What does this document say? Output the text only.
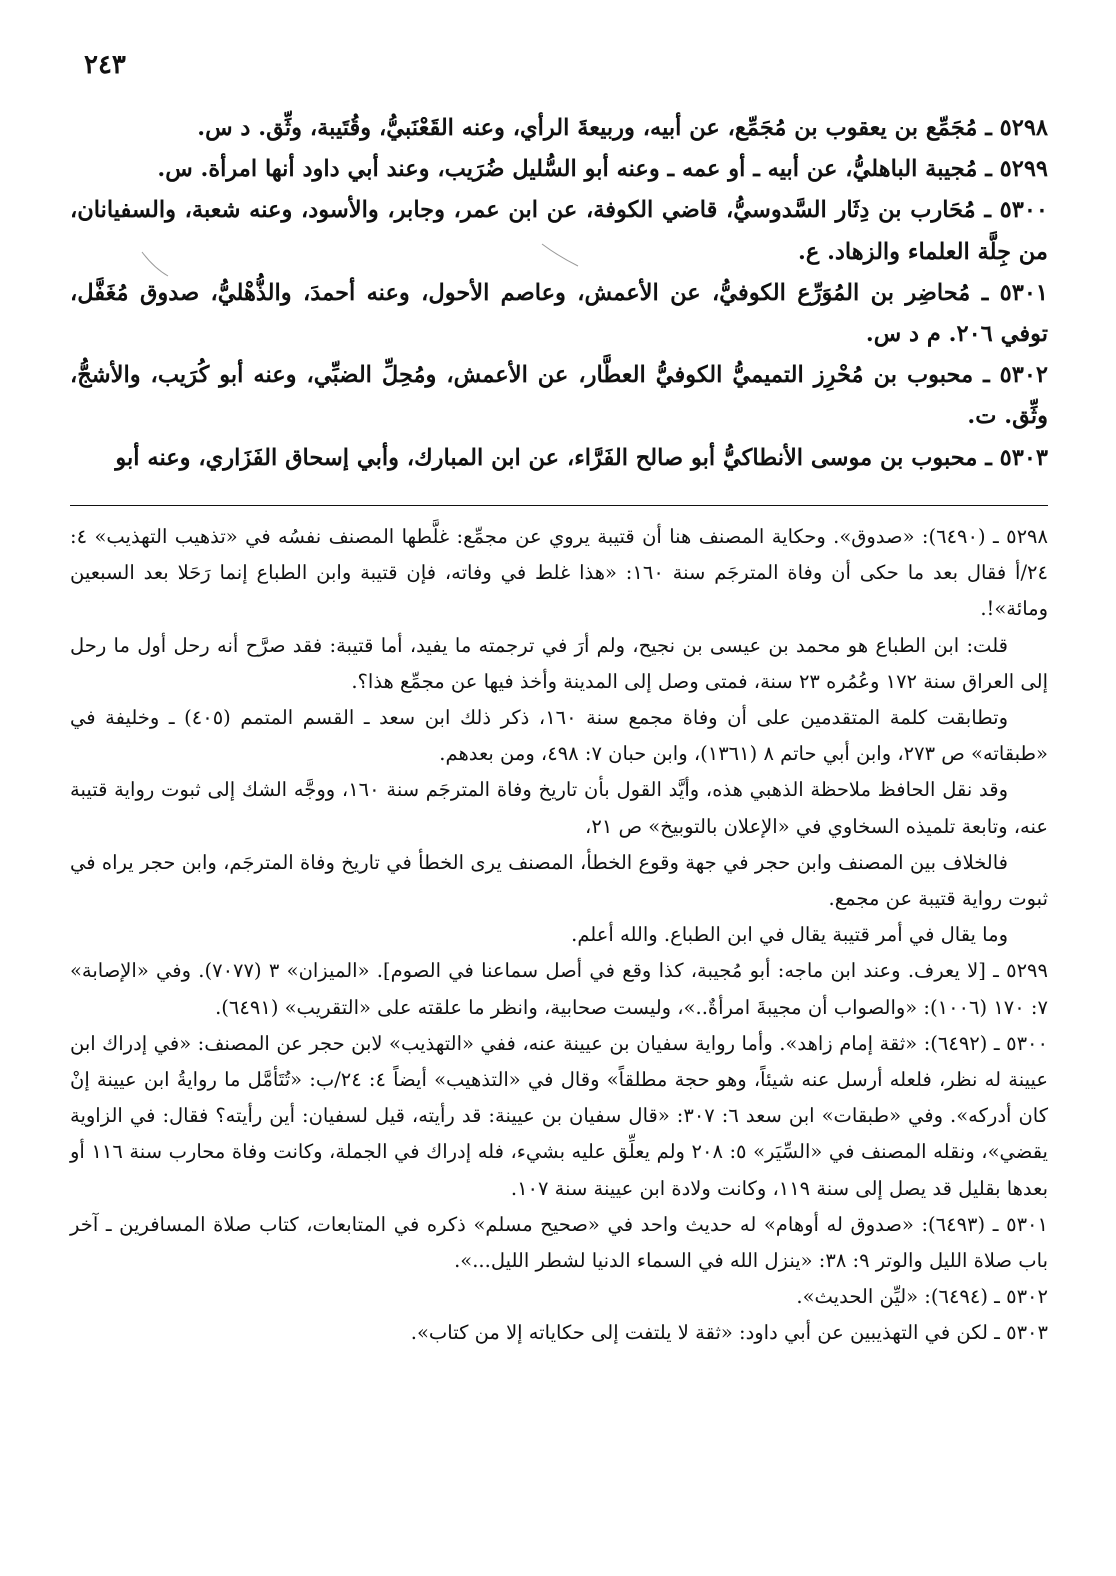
٢٤٣

٥٢٩٨ ـ مُجَمِّع بن يعقوب بن مُجَمِّع، عن أبيه، وربيعةَ الرأي، وعنه القَعْنَبيُّ، وقُتَيبة، وثِّق. د س.

٥٢٩٩ ـ مُجيبة الباهليُّ، عن أبيه ـ أو عمه ـ وعنه أبو السُّليل ضُرَيب، وعند أبي داود أنها امرأة. س.

٥٣٠٠ ـ مُحَارب بن دِثَار السَّدوسيُّ، قاضي الكوفة، عن ابن عمر، وجابر، والأسود، وعنه شعبة، والسفيانان، من جِلَّة العلماء والزهاد. ع.

٥٣٠١ ـ مُحاضِر بن المُوَرِّع الكوفيُّ، عن الأعمش، وعاصم الأحول، وعنه أحمدَ، والذُّهْليُّ، صدوق مُغَفَّل، توفي ٢٠٦. م د س.

٥٣٠٢ ـ محبوب بن مُحْرِز التميميُّ الكوفيُّ العطَّار، عن الأعمش، ومُحِلِّ الضبِّي، وعنه أبو كُرَيب، والأشجُّ، وثِّق. ت.

٥٣٠٣ ـ محبوب بن موسى الأنطاكيُّ أبو صالح الفَرَّاء، عن ابن المبارك، وأبي إسحاق الفَزَاري، وعنه أبو

٥٢٩٨ ـ (٦٤٩٠): «صدوق». وحكاية المصنف هنا أن قتيبة يروي عن مجمِّع: غلَّطها المصنف نفسُه في «تذهيب التهذيب» ٤: ٢٤/أ فقال بعد ما حكى أن وفاة المترجَم سنة ١٦٠: «هذا غلط في وفاته، فإن قتيبة وابن الطباع إنما رَحَلا بعد السبعين ومائة»!.

قلت: ابن الطباع هو محمد بن عيسى بن نجيح، ولم أرَ في ترجمته ما يفيد، أما قتيبة: فقد صرَّح أنه رحل أول ما رحل إلى العراق سنة ١٧٢ وعُمُره ٢٣ سنة، فمتى وصل إلى المدينة وأخذ فيها عن مجمِّع هذا؟.

وتطابقت كلمة المتقدمين على أن وفاة مجمع سنة ١٦٠، ذكر ذلك ابن سعد ـ القسم المتمم (٤٠٥) ـ وخليفة في «طبقاته» ص ٢٧٣، وابن أبي حاتم ٨ (١٣٦١)، وابن حبان ٧: ٤٩٨، ومن بعدهم.

وقد نقل الحافظ ملاحظة الذهبي هذه، وأيَّد القول بأن تاريخ وفاة المترجَم سنة ١٦٠، ووجَّه الشك إلى ثبوت رواية قتيبة عنه، وتابعة تلميذه السخاوي في «الإعلان بالتوبيخ» ص ٢١،

فالخلاف بين المصنف وابن حجر في جهة وقوع الخطأ، المصنف يرى الخطأ في تاريخ وفاة المترجَم، وابن حجر يراه في ثبوت رواية قتيبة عن مجمع.

وما يقال في أمر قتيبة يقال في ابن الطباع. والله أعلم.

٥٢٩٩ ـ [لا يعرف. وعند ابن ماجه: أبو مُجيبة، كذا وقع في أصل سماعنا في الصوم]. «الميزان» ٣ (٧٠٧٧). وفي «الإصابة» ٧: ١٧٠ (١٠٠٦): «والصواب أن مجيبةَ امرأةٌ..»، وليست صحابية، وانظر ما علقته على «التقريب» (٦٤٩١).

٥٣٠٠ ـ (٦٤٩٢): «ثقة إمام زاهد». وأما رواية سفيان بن عيينة عنه، ففي «التهذيب» لابن حجر عن المصنف: «في إدراك ابن عيينة له نظر، فلعله أرسل عنه شيئاً، وهو حجة مطلقاً» وقال في «التذهيب» أيضاً ٤: ٢٤/ب: «تُتَأمَّل ما روايةُ ابن عيينة إنْ كان أدركه». وفي «طبقات» ابن سعد ٦: ٣٠٧: «قال سفيان بن عيينة: قد رأيته، قيل لسفيان: أين رأيته؟ فقال: في الزاوية يقضي»، ونقله المصنف في «السِّيَر» ٥: ٢٠٨ ولم يعلِّق عليه بشيء، فله إدراك في الجملة، وكانت وفاة محارب سنة ١١٦ أو بعدها بقليل قد يصل إلى سنة ١١٩، وكانت ولادة ابن عيينة سنة ١٠٧.

٥٣٠١ ـ (٦٤٩٣): «صدوق له أوهام» له حديث واحد في «صحيح مسلم» ذكره في المتابعات، كتاب صلاة المسافرين ـ آخر باب صلاة الليل والوتر ٩: ٣٨: «ينزل الله في السماء الدنيا لشطر الليل...».

٥٣٠٢ ـ (٦٤٩٤): «ليِّن الحديث».

٥٣٠٣ ـ لكن في التهذيبين عن أبي داود: «ثقة لا يلتفت إلى حكاياته إلا من كتاب».
